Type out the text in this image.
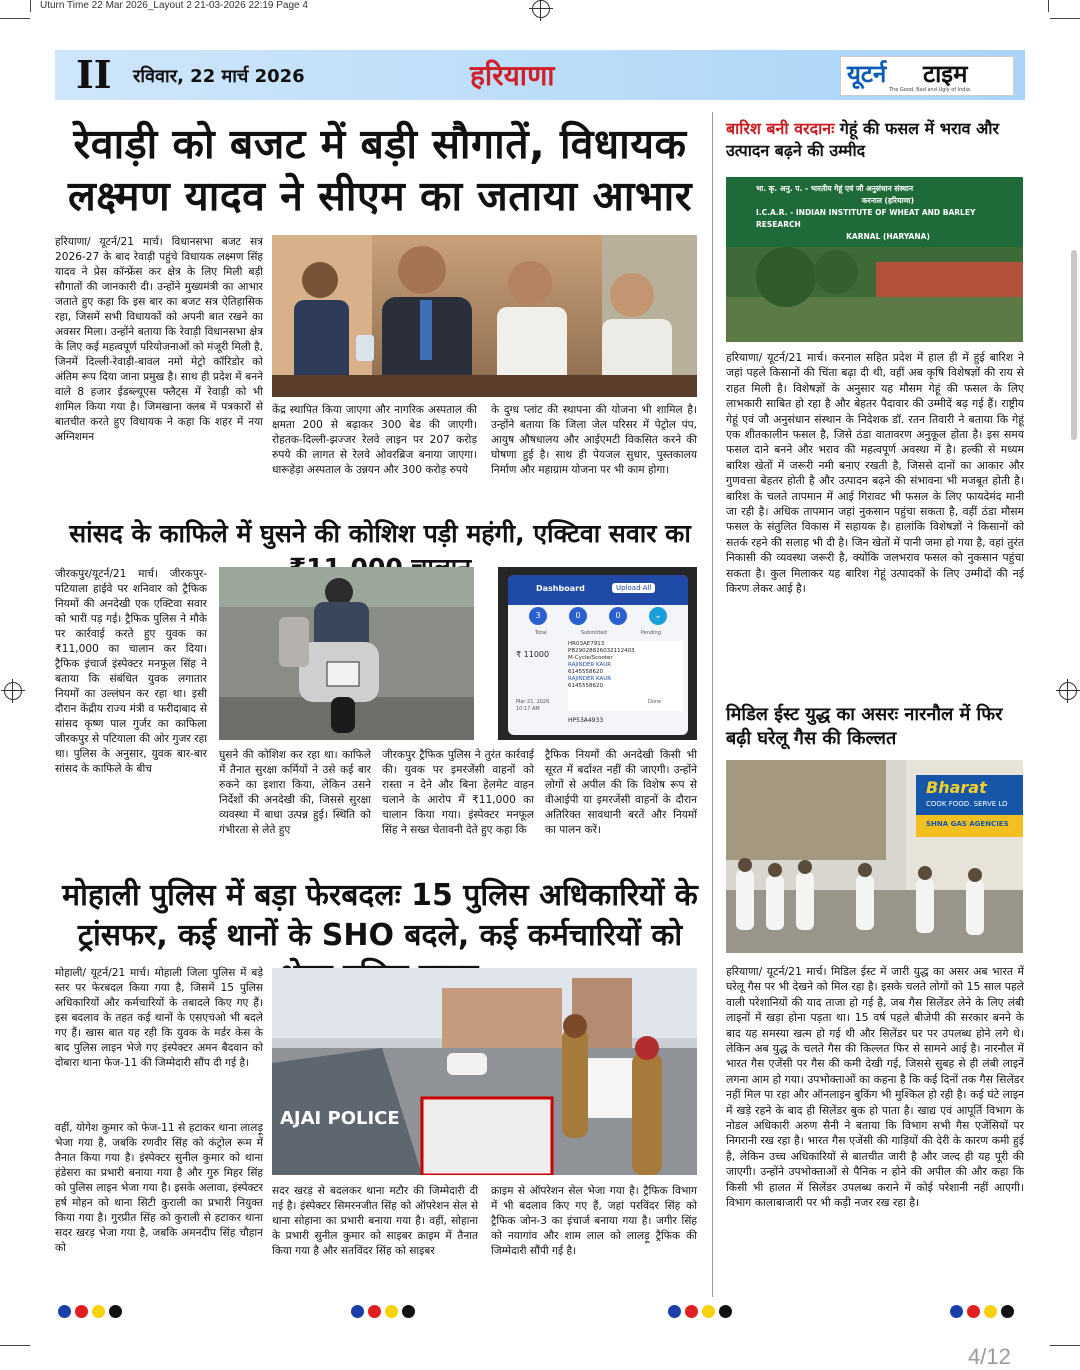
Uturn Time 22 Mar 2026_Layout 2 21-03-2026 22:19 Page 4
II रविवार, 22 मार्च 2026	हरियाणा	यूटर्न टाइम
The Good, Bad and Ugly of India
रेवाड़ी को बजट में बड़ी सौगातें, विधायक लक्ष्मण यादव ने सीएम का जताया आभार

हरियाणा/ यूटर्न/21 मार्च। विधानसभा बजट सत्र 2026-27 के बाद रेवाड़ी पहुंचे विधायक लक्ष्मण सिंह यादव ने प्रेस कॉन्फ्रेंस कर क्षेत्र के लिए मिली बड़ी सौगातों की जानकारी दी। उन्होंने मुख्यमंत्री का आभार जताते हुए कहा कि इस बार का बजट सत्र ऐतिहासिक रहा, जिसमें सभी विधायकों को अपनी बात रखने का अवसर मिला। उन्होंने बताया कि रेवाड़ी विधानसभा क्षेत्र के लिए कई महत्वपूर्ण परियोजनाओं को मंजूरी मिली है, जिनमें दिल्ली-रेवाड़ी-बावल नमो मेट्रो कॉरिडोर को अंतिम रूप दिया जाना प्रमुख है। साथ ही प्रदेश में बनने वाले 8 हजार ईडब्ल्यूएस फ्लैट्स में रेवाड़ी को भी शामिल किया गया है। जिमखाना क्लब में पत्रकारों से बातचीत करते हुए विधायक ने कहा कि शहर में नया अग्निशमन

केंद्र स्थापित किया जाएगा और नागरिक अस्पताल की क्षमता 200 से बढ़ाकर 300 बेड की जाएगी। रोहतक-दिल्ली-झज्जर रेलवे लाइन पर 207 करोड़ रुपये की लागत से रेलवे ओवरब्रिज बनाया जाएगा। धारूहेड़ा अस्पताल के उन्नयन और 300 करोड़ रुपये

के दुग्ध प्लांट की स्थापना की योजना भी शामिल है। उन्होंने बताया कि जिला जेल परिसर में पेट्रोल पंप, आयुष औषधालय और आईएमटी विकसित करने की घोषणा हुई है। साथ ही पेयजल सुधार, पुस्तकालय निर्माण और महाग्राम योजना पर भी काम होगा।

सांसद के काफिले में घुसने की कोशिश पड़ी महंगी, एक्टिवा सवार का

जीरकपुर/यूटर्न/21 मार्च। जीरकपुर-पटियाला हाईवे पर शनिवार को ट्रैफिक नियमों की अनदेखी एक एक्टिवा सवार को भारी पड़ गई। ट्रैफिक पुलिस ने मौके पर कार्रवाई करते हुए युवक का ₹11,000 का चालान कर दिया। ट्रैफिक इंचार्ज इंस्पेक्टर मनफूल सिंह ने बताया कि संबंधित युवक लगातार नियमों का उल्लंघन कर रहा था। इसी दौरान केंद्रीय राज्य मंत्री व फरीदाबाद से सांसद कृष्ण पाल गुर्जर का काफिला जीरकपुर से पटियाला की ओर गुजर रहा था। पुलिस के अनुसार, युवक बार-बार सांसद के काफिले के बीच

Dashboard	Upload All
3	0	0	⌄
Total	Submitted	Pending
₹ 11000
HR03AE7913
PB29028826032112403
M-Cycle/Scooter
RAJINDER KAUR
6145558620
RAJINDER KAUR
6145558620
Mar 21, 2026
10:17 AM
HP53A4933
Done

घुसने की कोशिश कर रहा था। काफिले में तैनात सुरक्षा कर्मियों ने उसे कई बार रुकने का इशारा किया, लेकिन उसने निर्देशों की अनदेखी की, जिससे सुरक्षा व्यवस्था में बाधा उत्पन्न हुई। स्थिति को गंभीरता से लेते हुए

जीरकपुर ट्रैफिक पुलिस ने तुरंत कार्रवाई की। युवक पर इमरजेंसी वाहनों को रास्ता न देने और बिना हेलमेट वाहन चलाने के आरोप में ₹11,000 का चालान किया गया। इंस्पेक्टर मनफूल सिंह ने सख्त चेतावनी देते हुए कहा कि

ट्रैफिक नियमों की अनदेखी किसी भी सूरत में बर्दाश्त नहीं की जाएगी। उन्होंने लोगों से अपील की कि विशेष रूप से वीआईपी या इमरजेंसी वाहनों के दौरान अतिरिक्त सावधानी बरतें और नियमों का पालन करें।

मोहाली पुलिस में बड़ा फेरबदलः 15 पुलिस अधिकारियों के ट्रांसफर, कई थानों के SHO बदले, कई कर्मचारियों को

मोहाली/ यूटर्न/21 मार्च। मोहाली जिला पुलिस में बड़े स्तर पर फेरबदल किया गया है, जिसमें 15 पुलिस अधिकारियों और कर्मचारियों के तबादले किए गए हैं। इस बदलाव के तहत कई थानों के एसएचओ भी बदले गए हैं। खास बात यह रही कि युवक के मर्डर केस के बाद पुलिस लाइन भेजे गए इंस्पेक्टर अमन बैदवान को दोबारा थाना फेज-11 की जिम्मेदारी सौंप दी गई है।

वहीं, योगेश कुमार को फेज-11 से हटाकर थाना लालड़ू भेजा गया है, जबकि रणवीर सिंह को कंट्रोल रूम में तैनात किया गया है। इंस्पेक्टर सुनील कुमार को थाना हंडेसरा का प्रभारी बनाया गया है और गुरु मिहर सिंह को पुलिस लाइन भेजा गया है। इसके अलावा, इंस्पेक्टर हर्ष मोहन को थाना सिटी कुराली का प्रभारी नियुक्त किया गया है। गुरप्रीत सिंह को कुराली से हटाकर थाना सदर खरड़ भेजा गया है, जबकि अमनदीप सिंह चौहान को

AJAI POLICE

सदर खरड़ से बदलकर थाना मटौर की जिम्मेदारी दी गई है। इंस्पेक्टर सिमरनजीत सिंह को ऑपरेशन सेल से थाना सोहाना का प्रभारी बनाया गया है। वहीं, सोहाना के प्रभारी सुनील कुमार को साइबर क्राइम में तैनात किया गया है और सतविंदर सिंह को साइबर

क्राइम से ऑपरेशन सेल भेजा गया है। ट्रैफिक विभाग में भी बदलाव किए गए हैं, जहां परविंदर सिंह को ट्रैफिक जोन-3 का इंचार्ज बनाया गया है। जगीर सिंह को नयागांव और शाम लाल को लालड़ू ट्रैफिक की जिम्मेदारी सौंपी गई है।

बारिश बनी वरदानः गेहूं की फसल में भराव और उत्पादन बढ़ने की उम्मीद
भा. कृ. अनु. प. - भारतीय गेहूं एवं जौ अनुसंधान संस्थान
करनाल (हरियाणा)
I.C.A.R. - INDIAN INSTITUTE OF WHEAT AND BARLEY RESEARCH
KARNAL (HARYANA)

हरियाणा/ यूटर्न/21 मार्च। करनाल सहित प्रदेश में हाल ही में हुई बारिश ने जहां पहले किसानों की चिंता बढ़ा दी थी, वहीं अब कृषि विशेषज्ञों की राय से राहत मिली है। विशेषज्ञों के अनुसार यह मौसम गेहूं की फसल के लिए लाभकारी साबित हो रहा है और बेहतर पैदावार की उम्मीदें बढ़ गई हैं। राष्ट्रीय गेहूं एवं जौ अनुसंधान संस्थान के निदेशक डॉ. रतन तिवारी ने बताया कि गेहूं एक शीतकालीन फसल है, जिसे ठंडा वातावरण अनुकूल होता है। इस समय फसल दाने बनने और भराव की महत्वपूर्ण अवस्था में है। हल्की से मध्यम बारिश खेतों में जरूरी नमी बनाए रखती है, जिससे दानों का आकार और गुणवत्ता बेहतर होती है और उत्पादन बढ़ने की संभावना भी मजबूत होती है। बारिश के चलते तापमान में आई गिरावट भी फसल के लिए फायदेमंद मानी जा रही है। अधिक तापमान जहां नुकसान पहुंचा सकता है, वहीं ठंडा मौसम फसल के संतुलित विकास में सहायक है। हालांकि विशेषज्ञों ने किसानों को सतर्क रहने की सलाह भी दी है। जिन खेतों में पानी जमा हो गया है, वहां तुरंत निकासी की व्यवस्था जरूरी है, क्योंकि जलभराव फसल को नुकसान पहुंचा सकता है। कुल मिलाकर यह बारिश गेहूं उत्पादकों के लिए उम्मीदों की नई किरण लेकर आई है।

मिडिल ईस्ट युद्ध का असरः नारनौल में फिर बढ़ी घरेलू गैस की किल्लत
Bharat
COOK FOOD. SERVE LO
SHNA GAS AGENCIES

हरियाणा/ यूटर्न/21 मार्च। मिडिल ईस्ट में जारी युद्ध का असर अब भारत में घरेलू गैस पर भी देखने को मिल रहा है। इसके चलते लोगों को 15 साल पहले वाली परेशानियों की याद ताजा हो गई है, जब गैस सिलेंडर लेने के लिए लंबी लाइनों में खड़ा होना पड़ता था। 15 वर्ष पहले बीजेपी की सरकार बनने के बाद यह समस्या खत्म हो गई थी और सिलेंडर घर पर उपलब्ध होने लगे थे। लेकिन अब युद्ध के चलते गैस की किल्लत फिर से सामने आई है। नारनौल में भारत गैस एजेंसी पर गैस की कमी देखी गई, जिससे सुबह से ही लंबी लाइनें लगना आम हो गया। उपभोक्ताओं का कहना है कि कई दिनों तक गैस सिलेंडर नहीं मिल पा रहा और ऑनलाइन बुकिंग भी मुश्किल हो रही है। कई घंटे लाइन में खड़े रहने के बाद ही सिलेंडर बुक हो पाता है। खाद्य एवं आपूर्ति विभाग के नोडल अधिकारी अरुण सैनी ने बताया कि विभाग सभी गैस एजेंसियों पर निगरानी रख रहा है। भारत गैस एजेंसी की गाड़ियों की देरी के कारण कमी हुई है, लेकिन उच्च अधिकारियों से बातचीत जारी है और जल्द ही यह पूरी की जाएगी। उन्होंने उपभोक्ताओं से पैनिक न होने की अपील की और कहा कि किसी भी हालत में सिलेंडर उपलब्ध कराने में कोई परेशानी नहीं आएगी। विभाग कालाबाजारी पर भी कड़ी नजर रख रहा है।

4/12
